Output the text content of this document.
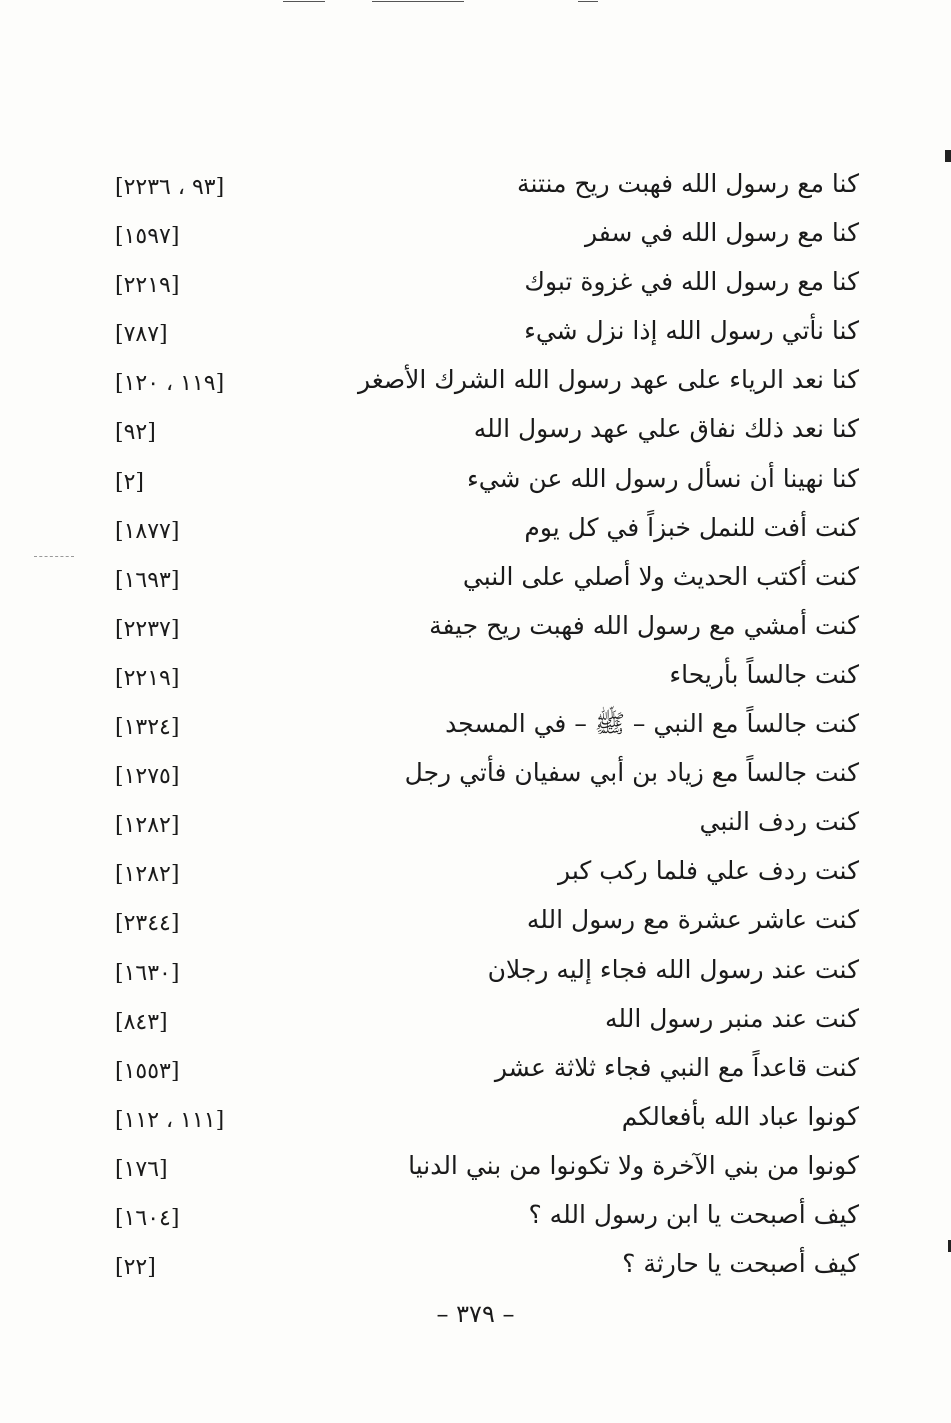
كنا مع رسول الله فهبت ريح منتنة
[٩٣ ، ٢٢٣٦]
كنا مع رسول الله في سفر
[١٥٩٧]
كنا مع رسول الله في غزوة تبوك
[٢٢١٩]
كنا نأتي رسول الله إذا نزل شيء
[٧٨٧]
كنا نعد الرياء على عهد رسول الله الشرك الأصغر
[١١٩ ، ١٢٠]
كنا نعد ذلك نفاق علي عهد رسول الله
[٩٢]
كنا نهينا أن نسأل رسول الله عن شيء
[٢]
كنت أفت للنمل خبزاً في كل يوم
[١٨٧٧]
كنت أكتب الحديث ولا أصلي على النبي
[١٦٩٣]
كنت أمشي مع رسول الله فهبت ريح جيفة
[٢٢٣٧]
كنت جالساً بأريحاء
[٢٢١٩]
كنت جالساً مع النبي – ﷺ – في المسجد
[١٣٢٤]
كنت جالساً مع زياد بن أبي سفيان فأتي رجل
[١٢٧٥]
كنت ردف النبي
[١٢٨٢]
كنت ردف علي فلما ركب كبر
[١٢٨٢]
كنت عاشر عشرة مع رسول الله
[٢٣٤٤]
كنت عند رسول الله فجاء إليه رجلان
[١٦٣٠]
كنت عند منبر رسول الله
[٨٤٣]
كنت قاعداً مع النبي فجاء ثلاثة عشر
[١٥٥٣]
كونوا عباد الله بأفعالكم
[١١١ ، ١١٢]
كونوا من بني الآخرة ولا تكونوا من بني الدنيا
[١٧٦]
كيف أصبحت يا ابن رسول الله ؟
[١٦٠٤]
كيف أصبحت يا حارثة ؟
[٢٢]
– ٣٧٩ –
